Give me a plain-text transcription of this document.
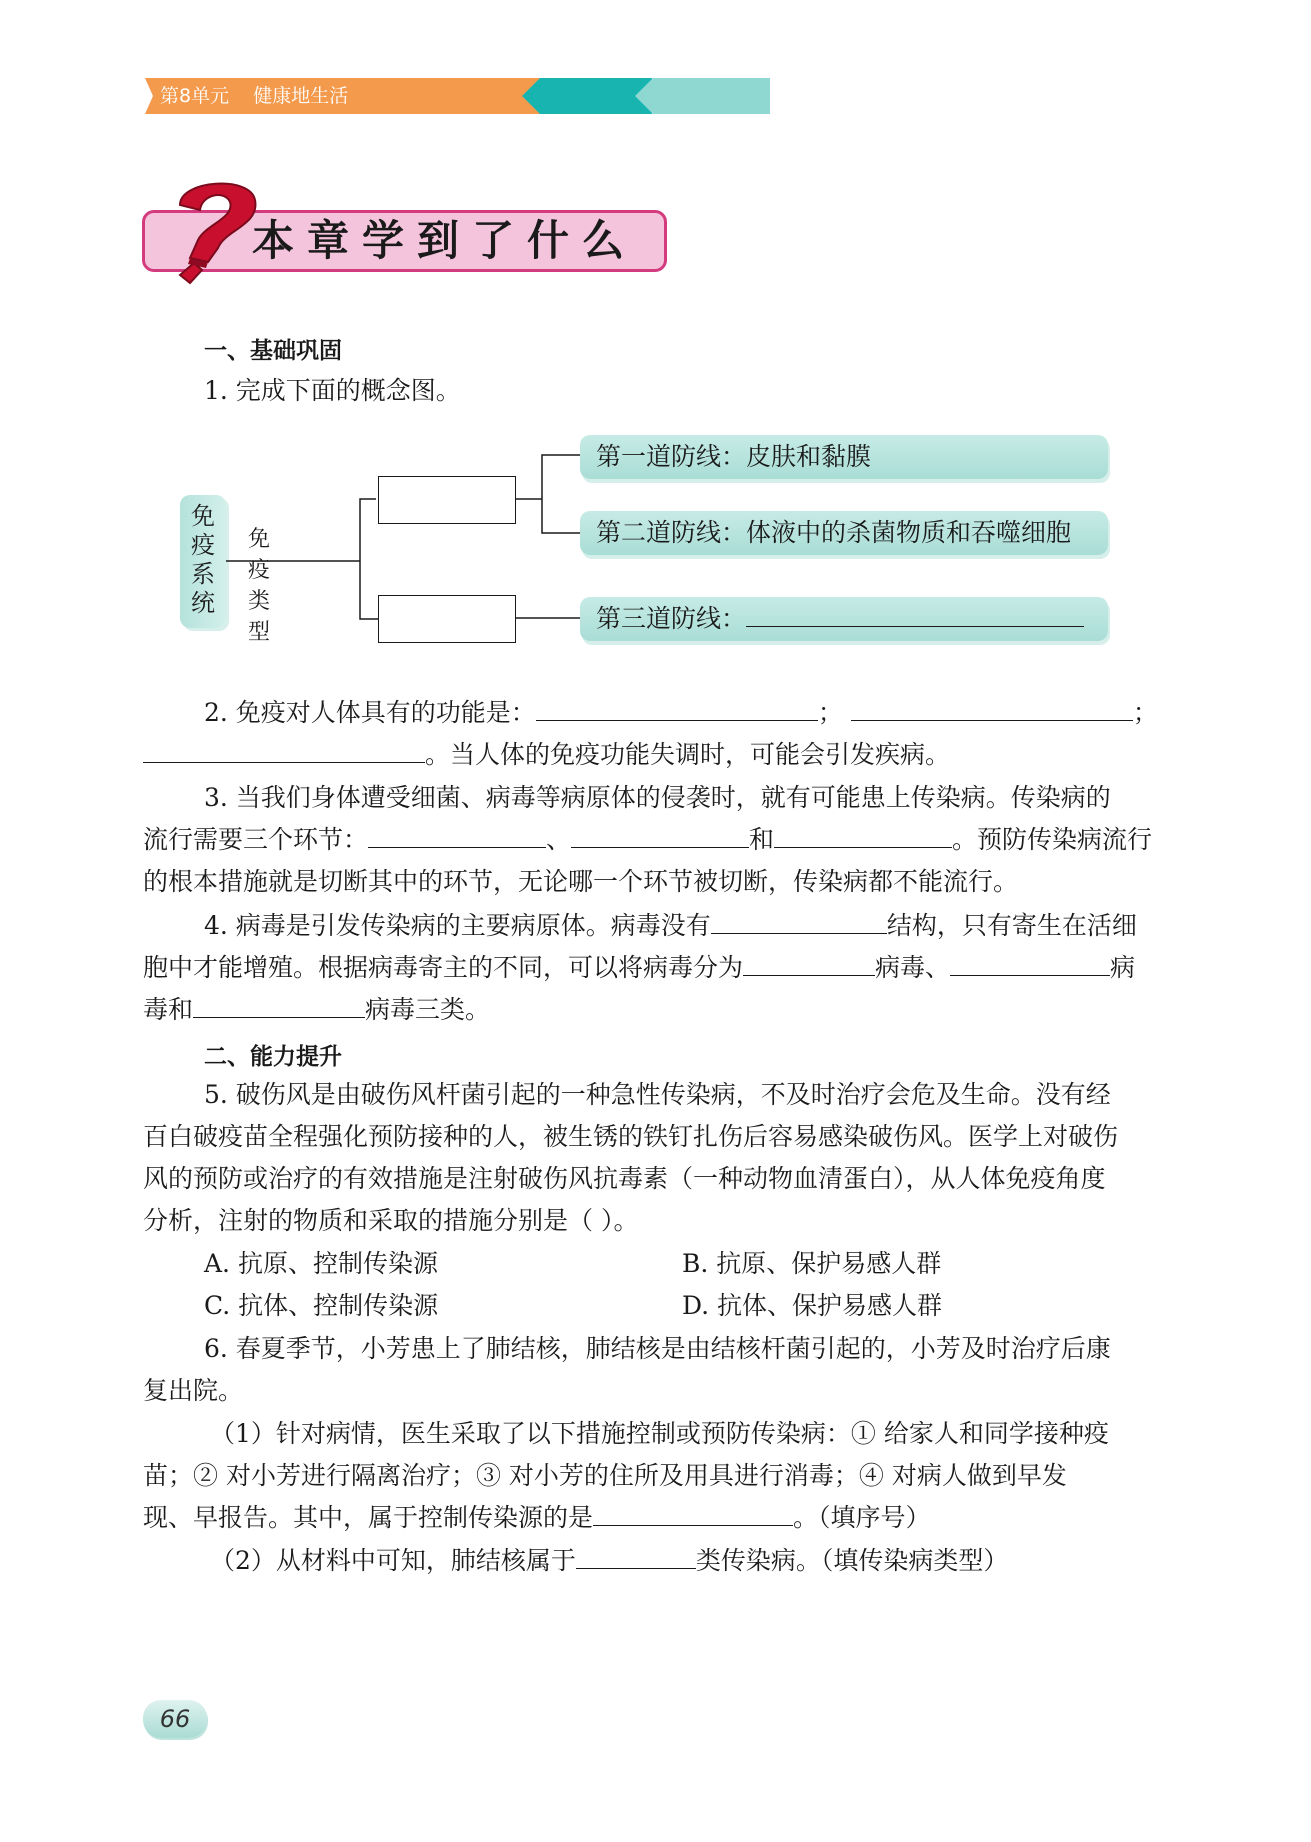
第8单元    健康地生活
本章学到了什么
一、基础巩固
1. 完成下面的概念图。
免疫系统
免疫类型
第一道防线：皮肤和黏膜
第二道防线：体液中的杀菌物质和吞噬细胞
第三道防线：
2. 免疫对人体具有的功能是：	；	；
。当人体的免疫功能失调时，可能会引发疾病。
3. 当我们身体遭受细菌、病毒等病原体的侵袭时，就有可能患上传染病。传染病的
流行需要三个环节：	、	和	。预防传染病流行
的根本措施就是切断其中的环节，无论哪一个环节被切断，传染病都不能流行。
4. 病毒是引发传染病的主要病原体。病毒没有	结构，只有寄生在活细
胞中才能增殖。根据病毒寄主的不同，可以将病毒分为	病毒、	病
毒和	病毒三类。
二、能力提升
5. 破伤风是由破伤风杆菌引起的一种急性传染病，不及时治疗会危及生命。没有经
百白破疫苗全程强化预防接种的人，被生锈的铁钉扎伤后容易感染破伤风。医学上对破伤
风的预防或治疗的有效措施是注射破伤风抗毒素（一种动物血清蛋白），从人体免疫角度
分析，注射的物质和采取的措施分别是（ ）。
A. 抗原、控制传染源	B. 抗原、保护易感人群
C. 抗体、控制传染源	D. 抗体、保护易感人群
6. 春夏季节，小芳患上了肺结核，肺结核是由结核杆菌引起的，小芳及时治疗后康
复出院。
（1）针对病情，医生采取了以下措施控制或预防传染病：① 给家人和同学接种疫
苗；② 对小芳进行隔离治疗；③ 对小芳的住所及用具进行消毒；④ 对病人做到早发
现、早报告。其中，属于控制传染源的是	。（填序号）
（2）从材料中可知，肺结核属于	类传染病。（填传染病类型）
66
